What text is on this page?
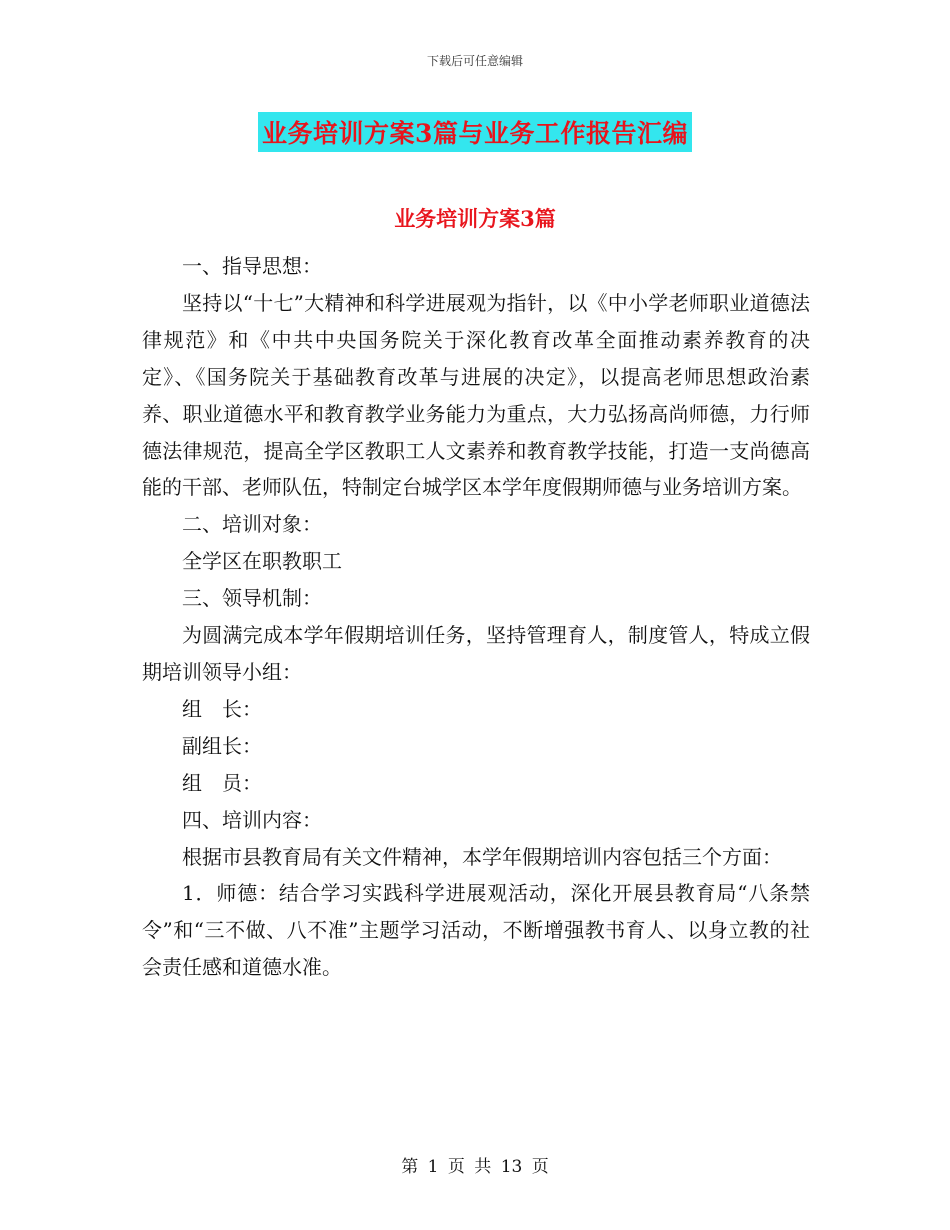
下载后可任意编辑
业务培训方案3篇与业务工作报告汇编
业务培训方案3篇

一、指导思想：

坚持以“十七”大精神和科学进展观为指针，以《中小学老师职业道德法律规范》和《中共中央国务院关于深化教育改革全面推动素养教育的决定》、《国务院关于基础教育改革与进展的决定》，以提高老师思想政治素养、职业道德水平和教育教学业务能力为重点，大力弘扬高尚师德，力行师德法律规范，提高全学区教职工人文素养和教育教学技能，打造一支尚德高能的干部、老师队伍，特制定台城学区本学年度假期师德与业务培训方案。

二、培训对象：

全学区在职教职工

三、领导机制：

为圆满完成本学年假期培训任务，坚持管理育人，制度管人，特成立假期培训领导小组：

组　长：

副组长：

组　员：

四、培训内容：

根据市县教育局有关文件精神，本学年假期培训内容包括三个方面：

1．师德：结合学习实践科学进展观活动，深化开展县教育局“八条禁令”和“三不做、八不准”主题学习活动，不断增强教书育人、以身立教的社会责任感和道德水准。

第 1 页 共 13 页
